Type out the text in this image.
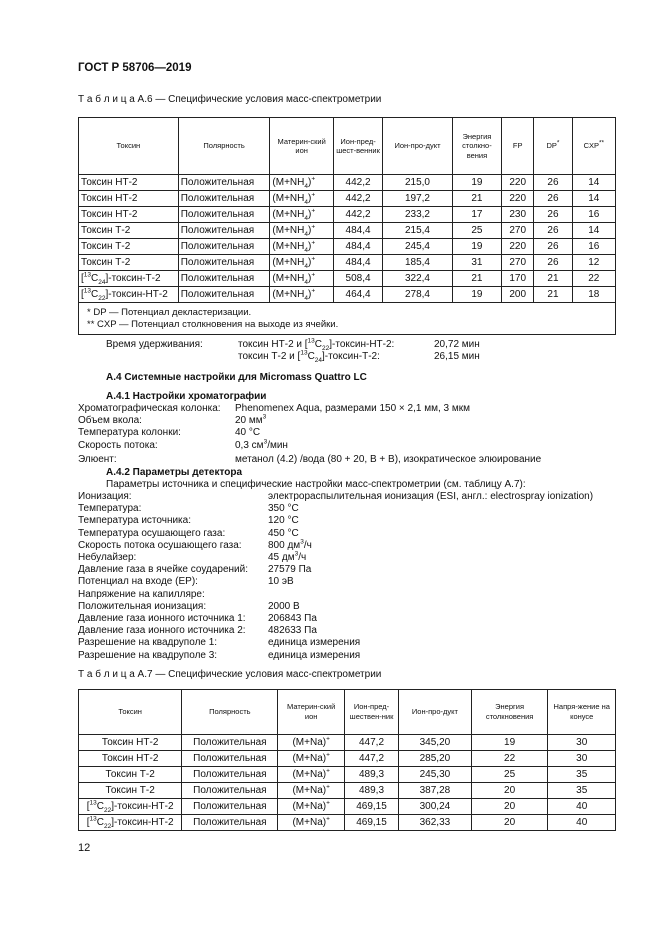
ГОСТ Р 58706—2019
Т а б л и ц а А.6 — Специфические условия масс-спектрометрии
Токсин	Полярность	Материн-ский ион	Ион-пред-шест-венник	Ион-про-дукт	Энергия столкно-вения	FP	DP*	CXP**
Токсин НТ-2	Положительная	$(M+NH_4)^+$	442,2	215,0	19	220	26	14
Токсин НТ-2	Положительная	$(M+NH_4)^+$	442,2	197,2	21	220	26	14
Токсин НТ-2	Положительная	$(M+NH_4)^+$	442,2	233,2	17	230	26	16
Токсин Т-2	Положительная	$(M+NH_4)^+$	484,4	215,4	25	270	26	14
Токсин Т-2	Положительная	$(M+NH_4)^+$	484,4	245,4	19	220	26	16
Токсин Т-2	Положительная	$(M+NH_4)^+$	484,4	185,4	31	270	26	12
$[^{13}C_{24}]-токсин-Т-2$	Положительная	$(M+NH_4)^+$	508,4	322,4	21	170	21	22
$[^{13}C_{22}]-токсин-НТ-2$	Положительная	$(M+NH_4)^+$	464,4	278,4	19	200	21	18

* DP — Потенциал декластеризации.
** CXP — Потенциал столкновения на выходе из ячейки.								
Время удерживания:	токсин НТ-2 и $[^{13}C_{22}]-токсин-НТ-2$:	20,72 мин
токсин Т-2 и $[^{13}C_{24}]-токсин-Т-2$:	26,15 мин
А.4 Системные настройки для Micromass Quattro LC
А.4.1 Настройки хроматографии
Хроматографическая колонка: Phenomenex Aqua, размерами 150 × 2,1 мм, 3 мкм
Объем вкола:	20 $мм^3$
Температура колонки:	40 °С
Скорость потока:	0,3 $см^3$/мин
Элюент:	метанол (4.2) /вода (80 + 20, В + В), изократическое элюирование
А.4.2 Параметры детектора
Параметры источника и специфические настройки масс-спектрометрии (см. таблицу А.7):
Ионизация:	электрораспылительная ионизация (ESI, англ.: electrospray ionization)
Температура:	350 °С
Температура источника:	120 °С
Температура осушающего газа:	450 °С
Скорость потока осушающего газа:	800 $дм^3/ч$
Небулайзер:	45 $дм^3/ч$
Давление газа в ячейке соударений: 27579 Па
Потенциал на входе (ЕР):	10 эВ
Напряжение на капилляре:
Положительная ионизация:	2000 В
Давление газа ионного источника 1: 206843 Па
Давление газа ионного источника 2: 482633 Па
Разрешение на квадруполе 1:	единица измерения
Разрешение на квадруполе 3:	единица измерения
Т а б л и ц а А.7 — Специфические условия масс-спектрометрии
Токсин	Полярность	Материн-ский ион	Ион-пред-шествен-ник	Ион-про-дукт	Энергия столкновения	Напря-жение на конусе
Токсин НТ-2	Положительная	(M+Na)+	447,2	345,20	19	30
Токсин НТ-2	Положительная	(M+Na)+	447,2	285,20	22	30
Токсин Т-2	Положительная	(M+Na)+	489,3	245,30	25	35
Токсин Т-2	Положительная	(M+Na)+	489,3	387,28	20	35
$[^{13}C_{22}]-токсин-НТ-2$	Положительная	(M+Na)+	469,15	300,24	20	40
$[^{13}C_{22}]-токсин-НТ-2$	Положительная	(M+Na)+	469,15	362,33	20	40
12
